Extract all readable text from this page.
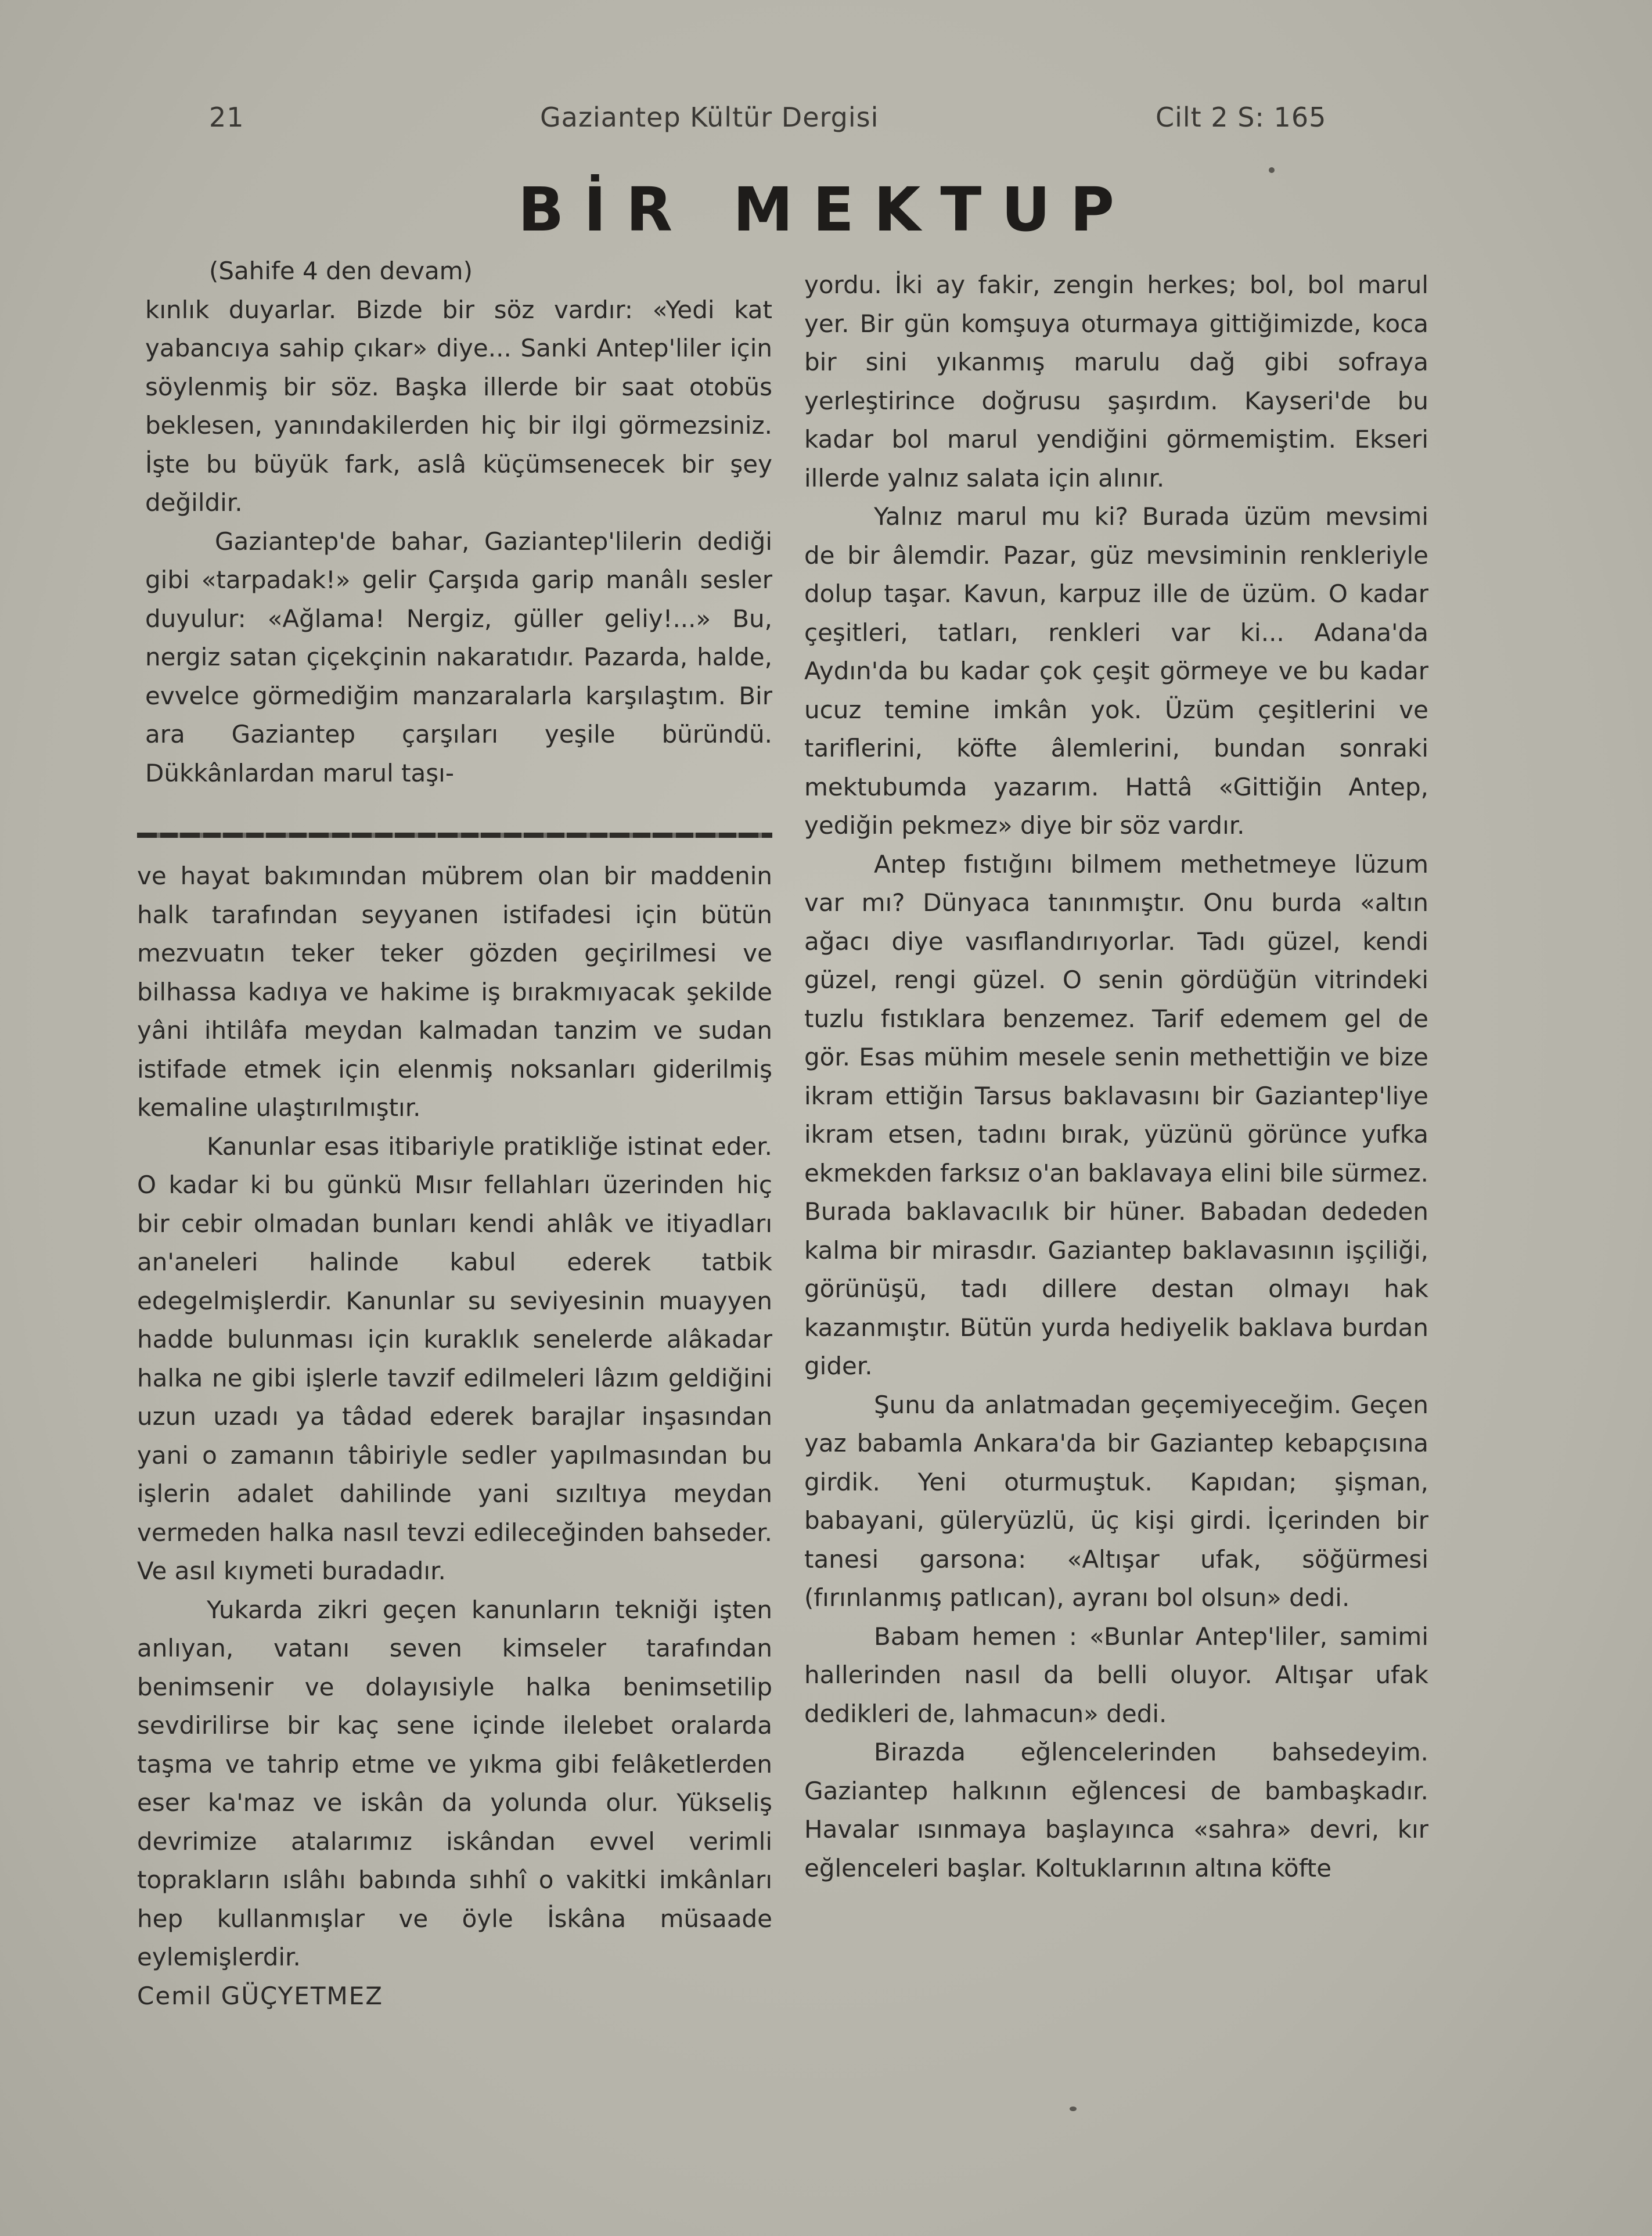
21	Gaziantep Kültür Dergisi	Cilt 2 S: 165
BİR MEKTUP

(Sahife 4 den devam)

kınlık duyarlar. Bizde bir söz vardır: «Yedi kat yabancıya sahip çıkar» diye... Sanki Antep'liler için söylenmiş bir söz. Başka illerde bir saat otobüs beklesen, yanındakilerden hiç bir ilgi görmezsiniz. İşte bu büyük fark, aslâ küçümsenecek bir şey değildir.

Gaziantep'de bahar, Gaziantep'lilerin dediği gibi «tarpadak!» gelir Çarşıda garip manâlı sesler duyulur: «Ağlama! Nergiz, güller geliy!...» Bu, nergiz satan çiçekçinin nakaratıdır. Pazarda, halde, evvelce görmediğim manzaralarla karşılaştım. Bir ara Gaziantep çarşıları yeşile büründü. Dükkânlardan marul taşı-

ve hayat bakımından mübrem olan bir maddenin halk tarafından seyyanen istifadesi için bütün mezvuatın teker teker gözden geçirilmesi ve bilhassa kadıya ve hakime iş bırakmıyacak şekilde yâni ihtilâfa meydan kalmadan tanzim ve sudan istifade etmek için elenmiş noksanları giderilmiş kemaline ulaştırılmıştır.

Kanunlar esas itibariyle pratikliğe istinat eder. O kadar ki bu günkü Mısır fellahları üzerinden hiç bir cebir olmadan bunları kendi ahlâk ve itiyadları an'aneleri halinde kabul ederek tatbik edegelmişlerdir. Kanunlar su seviyesinin muayyen hadde bulunması için kuraklık senelerde alâkadar halka ne gibi işlerle tavzif edilmeleri lâzım geldiğini uzun uzadı ya tâdad ederek barajlar inşasından yani o zamanın tâbiriyle sedler yapılmasından bu işlerin adalet dahilinde yani sızıltıya meydan vermeden halka nasıl tevzi edileceğinden bahseder. Ve asıl kıymeti buradadır.

Yukarda zikri geçen kanunların tekniği işten anlıyan, vatanı seven kimseler tarafından benimsenir ve dolayısiyle halka benimsetilip sevdirilirse bir kaç sene içinde ilelebet oralarda taşma ve tahrip etme ve yıkma gibi felâketlerden eser ka'maz ve iskân da yolunda olur. Yükseliş devrimize atalarımız iskândan evvel verimli toprakların ıslâhı babında sıhhî o vakitki imkânları hep kullanmışlar ve öyle İskâna müsaade eylemişlerdir.

Cemil GÜÇYETMEZ

yordu. İki ay fakir, zengin herkes; bol, bol marul yer. Bir gün komşuya oturmaya gittiğimizde, koca bir sini yıkanmış marulu dağ gibi sofraya yerleştirince doğrusu şaşırdım. Kayseri'de bu kadar bol marul yendiğini görmemiştim. Ekseri illerde yalnız salata için alınır.

Yalnız marul mu ki? Burada üzüm mevsimi de bir âlemdir. Pazar, güz mevsiminin renkleriyle dolup taşar. Kavun, karpuz ille de üzüm. O kadar çeşitleri, tatları, renkleri var ki... Adana'da Aydın'da bu kadar çok çeşit görmeye ve bu kadar ucuz temine imkân yok. Üzüm çeşitlerini ve tariflerini, köfte âlemlerini, bundan sonraki mektubumda yazarım. Hattâ «Gittiğin Antep, yediğin pekmez» diye bir söz vardır.

Antep fıstığını bilmem methetmeye lüzum var mı? Dünyaca tanınmıştır. Onu burda «altın ağacı diye vasıflandırıyorlar. Tadı güzel, kendi güzel, rengi güzel. O senin gördüğün vitrindeki tuzlu fıstıklara benzemez. Tarif edemem gel de gör. Esas mühim mesele senin methettiğin ve bize ikram ettiğin Tarsus baklavasını bir Gaziantep'liye ikram etsen, tadını bırak, yüzünü görünce yufka ekmekden farksız o'an baklavaya elini bile sürmez. Burada baklavacılık bir hüner. Babadan dededen kalma bir mirasdır. Gaziantep baklavasının işçiliği, görünüşü, tadı dillere destan olmayı hak kazanmıştır. Bütün yurda hediyelik baklava burdan gider.

Şunu da anlatmadan geçemiyeceğim. Geçen yaz babamla Ankara'da bir Gaziantep kebapçısına girdik. Yeni oturmuştuk. Kapıdan; şişman, babayani, güleryüzlü, üç kişi girdi. İçerinden bir tanesi garsona: «Altışar ufak, söğürmesi (fırınlanmış patlıcan), ayranı bol olsun» dedi.

Babam hemen : «Bunlar Antep'liler, samimi hallerinden nasıl da belli oluyor. Altışar ufak dedikleri de, lahmacun» dedi.

Birazda eğlencelerinden bahsedeyim. Gaziantep halkının eğlencesi de bambaşkadır. Havalar ısınmaya başlayınca «sahra» devri, kır eğlenceleri başlar. Koltuklarının altına köfte
